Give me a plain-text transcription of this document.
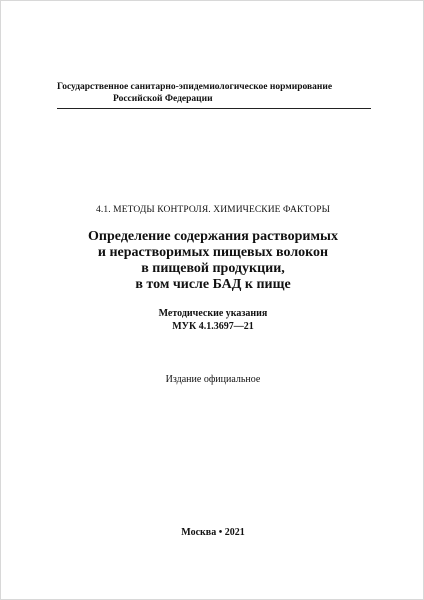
Государственное санитарно-эпидемиологическое нормирование
Российской Федерации
4.1. МЕТОДЫ КОНТРОЛЯ. ХИМИЧЕСКИЕ ФАКТОРЫ
Определение содержания растворимых
и нерастворимых пищевых волокон
в пищевой продукции,
в том числе БАД к пище
Методические указания
МУК 4.1.3697—21
Издание официальное
Москва • 2021
